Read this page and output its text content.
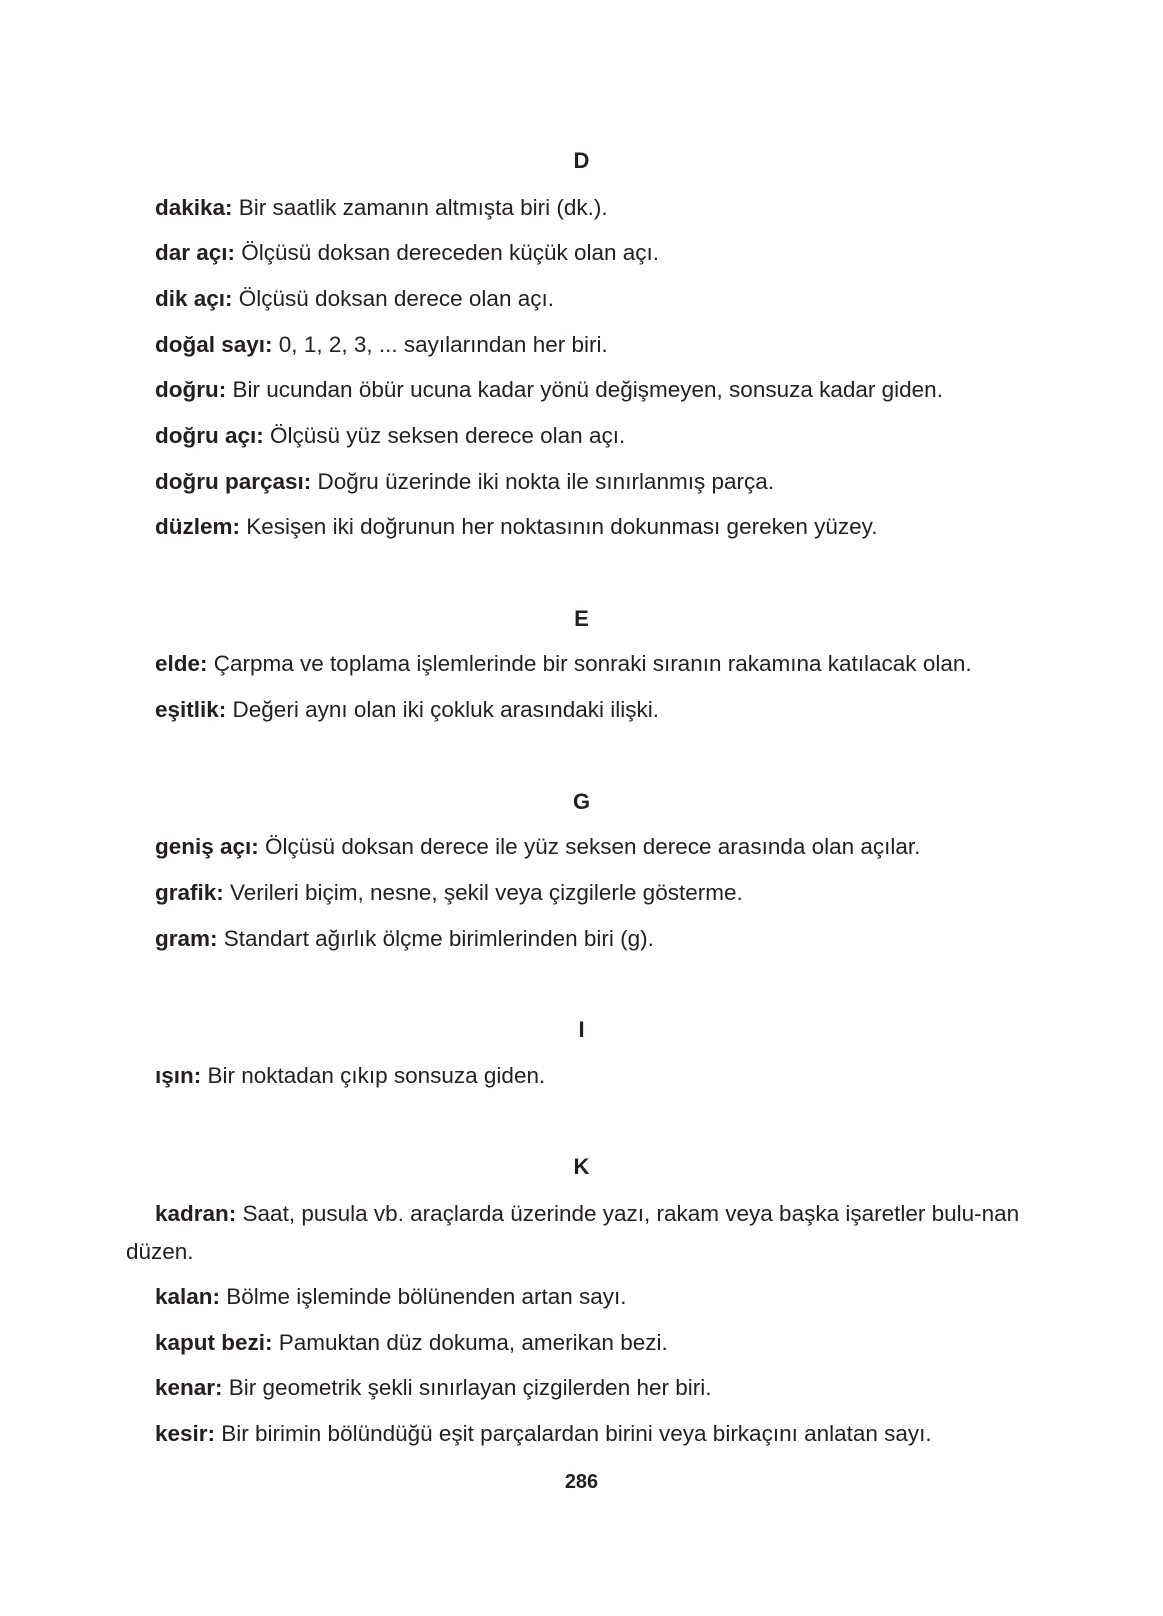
D
dakika: Bir saatlik zamanın altmışta biri (dk.).
dar açı: Ölçüsü doksan dereceden küçük olan açı.
dik açı: Ölçüsü doksan derece olan açı.
doğal sayı: 0, 1, 2, 3, ... sayılarından her biri.
doğru: Bir ucundan öbür ucuna kadar yönü değişmeyen, sonsuza kadar giden.
doğru açı: Ölçüsü yüz seksen derece olan açı.
doğru parçası: Doğru üzerinde iki nokta ile sınırlanmış parça.
düzlem: Kesişen iki doğrunun her noktasının dokunması gereken yüzey.
E
elde: Çarpma ve toplama işlemlerinde bir sonraki sıranın rakamına katılacak olan.
eşitlik: Değeri aynı olan iki çokluk arasındaki ilişki.
G
geniş açı: Ölçüsü doksan derece ile yüz seksen derece arasında olan açılar.
grafik: Verileri biçim, nesne, şekil veya çizgilerle gösterme.
gram: Standart ağırlık ölçme birimlerinden biri (g).
I
ışın: Bir noktadan çıkıp sonsuza giden.
K
kadran: Saat, pusula vb. araçlarda üzerinde yazı, rakam veya başka işaretler bulu-nan düzen.
kalan: Bölme işleminde bölünenden artan sayı.
kaput bezi: Pamuktan düz dokuma, amerikan bezi.
kenar: Bir geometrik şekli sınırlayan çizgilerden her biri.
kesir: Bir birimin bölündüğü eşit parçalardan birini veya birkaçını anlatan sayı.
286
